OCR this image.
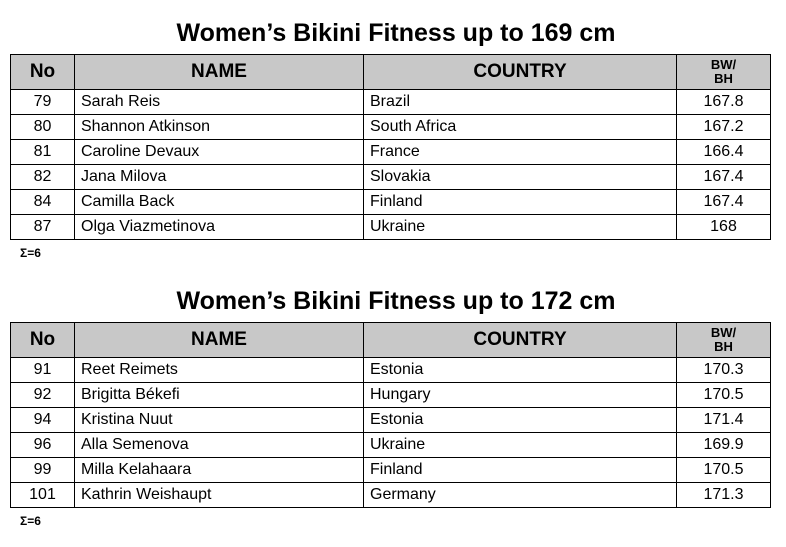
Women’s Bikini Fitness up to 169 cm
No	NAME	COUNTRY	BW/
BH
79	Sarah Reis	Brazil	167.8
80	Shannon Atkinson	South Africa	167.2
81	Caroline Devaux	France	166.4
82	Jana Milova	Slovakia	167.4
84	Camilla Back	Finland	167.4
87	Olga Viazmetinova	Ukraine	168
Σ=6
Women’s Bikini Fitness up to 172 cm
No	NAME	COUNTRY	BW/
BH
91	Reet Reimets	Estonia	170.3
92	Brigitta Békefi	Hungary	170.5
94	Kristina Nuut	Estonia	171.4
96	Alla Semenova	Ukraine	169.9
99	Milla Kelahaara	Finland	170.5
101	Kathrin Weishaupt	Germany	171.3
Σ=6
